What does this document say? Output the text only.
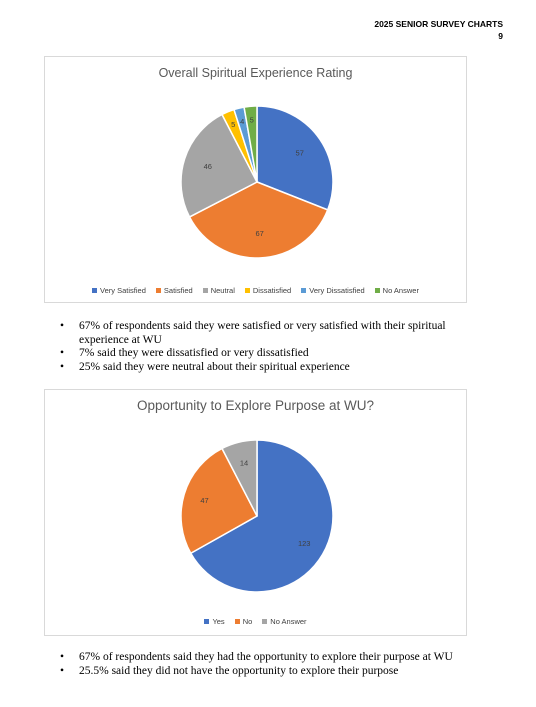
2025 SENIOR SURVEY CHARTS
9
Overall Spiritual Experience Rating
57
67
46
5 4 5
Very Satisfied Satisfied Neutral Dissatisfied Very Dissatisfied No Answer
• 67% of respondents said they were satisfied or very satisfied with their spiritual experience at WU
• 7% said they were dissatisfied or very dissatisfied
• 25% said they were neutral about their spiritual experience
Opportunity to Explore Purpose at WU?
123
47
14
Yes No No Answer
• 67% of respondents said they had the opportunity to explore their purpose at WU
• 25.5% said they did not have the opportunity to explore their purpose
